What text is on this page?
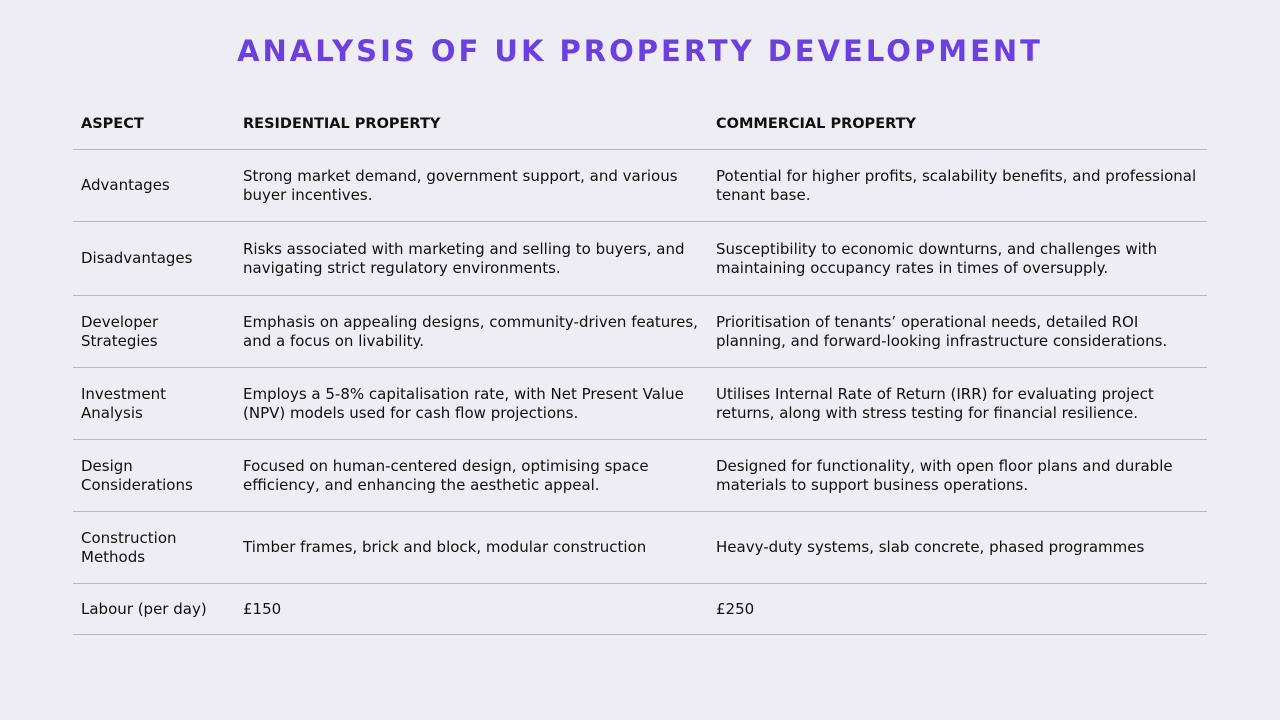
ANALYSIS OF UK PROPERTY DEVELOPMENT
ASPECT	RESIDENTIAL PROPERTY	COMMERCIAL PROPERTY
Advantages	Strong market demand, government support, and various buyer incentives.	Potential for higher profits, scalability benefits, and professional tenant base.
Disadvantages	Risks associated with marketing and selling to buyers, and navigating strict regulatory environments.	Susceptibility to economic downturns, and challenges with maintaining occupancy rates in times of oversupply.
Developer Strategies	Emphasis on appealing designs, community-driven features, and a focus on livability.	Prioritisation of tenants’ operational needs, detailed ROI planning, and forward-looking infrastructure considerations.
Investment Analysis	Employs a 5-8% capitalisation rate, with Net Present Value (NPV) models used for cash flow projections.	Utilises Internal Rate of Return (IRR) for evaluating project returns, along with stress testing for financial resilience.
Design Considerations	Focused on human-centered design, optimising space efficiency, and enhancing the aesthetic appeal.	Designed for functionality, with open floor plans and durable materials to support business operations.
Construction Methods	Timber frames, brick and block, modular construction	Heavy-duty systems, slab concrete, phased programmes
Labour (per day)	£150	£250
